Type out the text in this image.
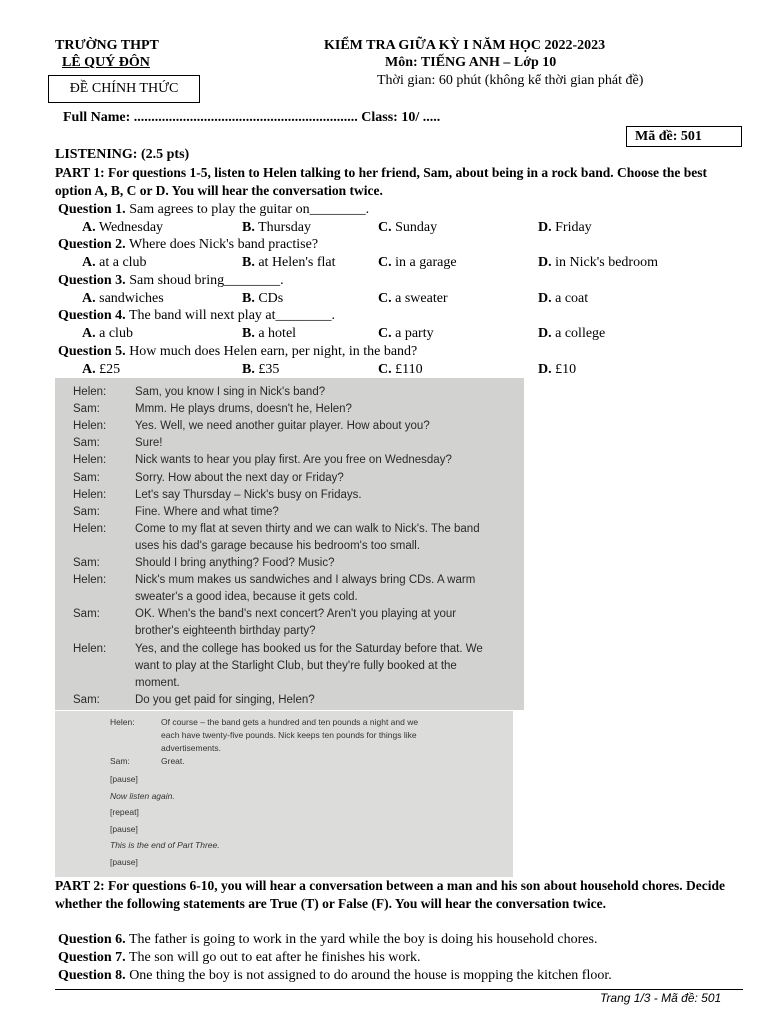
TRƯỜNG THPT
LÊ QUÝ ĐÔN
ĐỀ CHÍNH THỨC
KIỂM TRA GIỮA KỲ I NĂM HỌC 2022-2023
Môn: TIẾNG ANH – Lớp 10
Thời gian: 60 phút (không kể thời gian phát đề)
Full Name: ................................................................ Class: 10/ .....
Mã đề: 501
LISTENING: (2.5 pts)
PART 1: For questions 1-5, listen to Helen talking to her friend, Sam, about being in a rock band. Choose the best option A, B, C or D. You will hear the conversation twice.
Question 1. Sam agrees to play the guitar on________.
A. Wednesday	B. Thursday	C. Sunday	D. Friday
Question 2. Where does Nick's band practise?
A. at a club	B. at Helen's flat	C. in a garage	D. in Nick's bedroom
Question 3. Sam shoud bring________.
A. sandwiches	B. CDs	C. a sweater	D. a coat
Question 4. The band will next play at________.
A. a club	B. a hotel	C. a party	D. a college
Question 5. How much does Helen earn, per night, in the band?
A. £25	B. £35	C. £110	D. £10
Helen:	Sam, you know I sing in Nick's band?
Sam:	Mmm. He plays drums, doesn't he, Helen?
Helen:	Yes. Well, we need another guitar player. How about you?
Sam:	Sure!
Helen:	Nick wants to hear you play first. Are you free on Wednesday?
Sam:	Sorry. How about the next day or Friday?
Helen:	Let's say Thursday – Nick's busy on Fridays.
Sam:	Fine. Where and what time?
Helen:	Come to my flat at seven thirty and we can walk to Nick's. The band
uses his dad's garage because his bedroom's too small.
Sam:	Should I bring anything? Food? Music?
Helen:	Nick's mum makes us sandwiches and I always bring CDs. A warm
sweater's a good idea, because it gets cold.
Sam:	OK. When's the band's next concert? Aren't you playing at your
brother's eighteenth birthday party?
Helen:	Yes, and the college has booked us for the Saturday before that. We
want to play at the Starlight Club, but they're fully booked at the
moment.
Sam:	Do you get paid for singing, Helen?
Helen:	Of course – the band gets a hundred and ten pounds a night and we
each have twenty-five pounds. Nick keeps ten pounds for things like
advertisements.
Sam:	Great.
[pause]
Now listen again.
[repeat]
[pause]
This is the end of Part Three.
[pause]
PART 2: For questions 6-10, you will hear a conversation between a man and his son about household chores. Decide whether the following statements are True (T) or False (F). You will hear the conversation twice.
Question 6. The father is going to work in the yard while the boy is doing his household chores.
Question 7. The son will go out to eat after he finishes his work.
Question 8. One thing the boy is not assigned to do around the house is mopping the kitchen floor.
Trang 1/3 - Mã đề: 501
